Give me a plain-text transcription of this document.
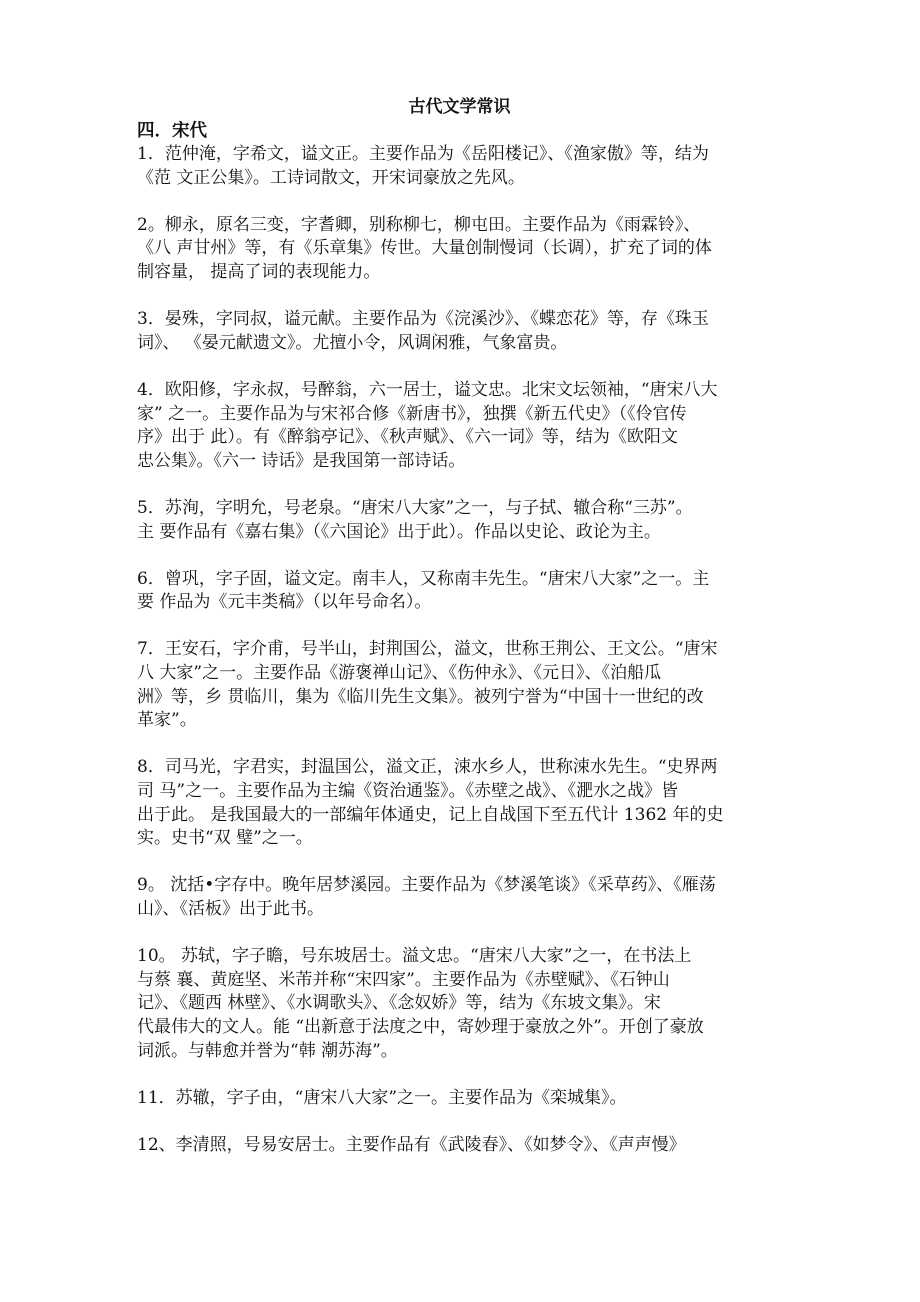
古代文学常识
四．宋代
1．范仲淹，字希文，谥文正。主要作品为《岳阳楼记》、《渔家傲》等，结为
《范 文正公集》。工诗词散文，开宋词豪放之先风。
2。柳永，原名三变，字耆卿，别称柳七，柳屯田。主要作品为《雨霖铃》、
《八 声甘州》等，有《乐章集》传世。大量创制慢词（长调），扩充了词的体
制容量， 提高了词的表现能力。
3．晏殊，字同叔，谥元献。主要作品为《浣溪沙》、《蝶恋花》等，存《珠玉
词》、 《晏元献遗文》。尤擅小令，风调闲雅，气象富贵。
4．欧阳修，字永叔，号醉翁，六一居士，谥文忠。北宋文坛领袖，“唐宋八大
家” 之一。主要作品为与宋祁合修《新唐书》，独撰《新五代史》（《伶官传
序》出于 此）。有《醉翁亭记》、《秋声赋》、《六一词》等，结为《欧阳文
忠公集》。《六一 诗话》是我国第一部诗话。
5．苏洵，字明允，号老泉。“唐宋八大家”之一，与子拭、辙合称“三苏”。
主 要作品有《嘉右集》（《六国论》出于此）。作品以史论、政论为主。
6．曾巩，字子固，谥文定。南丰人，又称南丰先生。“唐宋八大家”之一。主
要 作品为《元丰类稿》（以年号命名）。
7．王安石，字介甫，号半山，封荆国公，溢文，世称王荆公、王文公。“唐宋
八 大家”之一。主要作品《游褒禅山记》、《伤仲永》、《元日》、《泊船瓜
洲》等，乡 贯临川，集为《临川先生文集》。被列宁誉为“中国十一世纪的改
革家”。
8．司马光，字君实，封温国公，溢文正，涑水乡人，世称涑水先生。“史界两
司 马”之一。主要作品为主编《资治通鉴》。《赤壁之战》、《淝水之战》皆
出于此。 是我国最大的一部编年体通史，记上自战国下至五代计 1362 年的史
实。史书“双 璧”之一。
9。 沈括•字存中。晚年居梦溪园。主要作品为《梦溪笔谈》《采草药》、《雁荡
山》、《活板》出于此书。
10。 苏轼，字子瞻，号东坡居士。溢文忠。“唐宋八大家”之一，在书法上
与蔡 襄、黄庭坚、米芾并称“宋四家”。主要作品为《赤壁赋》、《石钟山
记》、《题西 林壁》、《水调歌头》、《念奴娇》等，结为《东坡文集》。宋
代最伟大的文人。能 “出新意于法度之中，寄妙理于豪放之外”。开创了豪放
词派。与韩愈并誉为“韩 潮苏海”。
11．苏辙，字子由，“唐宋八大家”之一。主要作品为《栾城集》。
12、李清照，号易安居士。主要作品有《武陵春》、《如梦令》、《声声慢》
